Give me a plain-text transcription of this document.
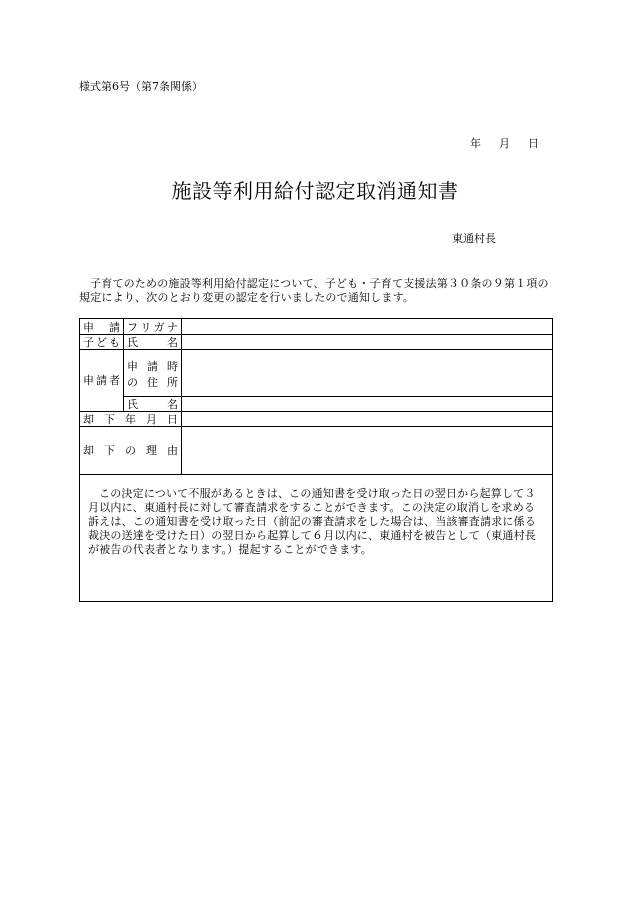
様式第6号（第7条関係）
年 月 日
施設等利用給付認定取消通知書
東通村長
子育てのための施設等利用給付認定について、子ども・子育て支援法第３０条の９第１項の規定により、次のとおり変更の認定を行いましたので通知します。
申 請
子 ど も
フ リ ガ ナ
氏	名
申 請 者
申 請 時
の 住 所
氏	名
却 下 年 月 日
却 下 の 理 由
この決定について不服があるときは、この通知書を受け取った日の翌日から起算して３月以内に、東通村長に対して審査請求をすることができます。この決定の取消しを求める訴えは、この通知書を受け取った日（前記の審査請求をした場合は、当該審査請求に係る裁決の送達を受けた日）の翌日から起算して６月以内に、東通村を被告として（東通村長が被告の代表者となります。）提起することができます。
